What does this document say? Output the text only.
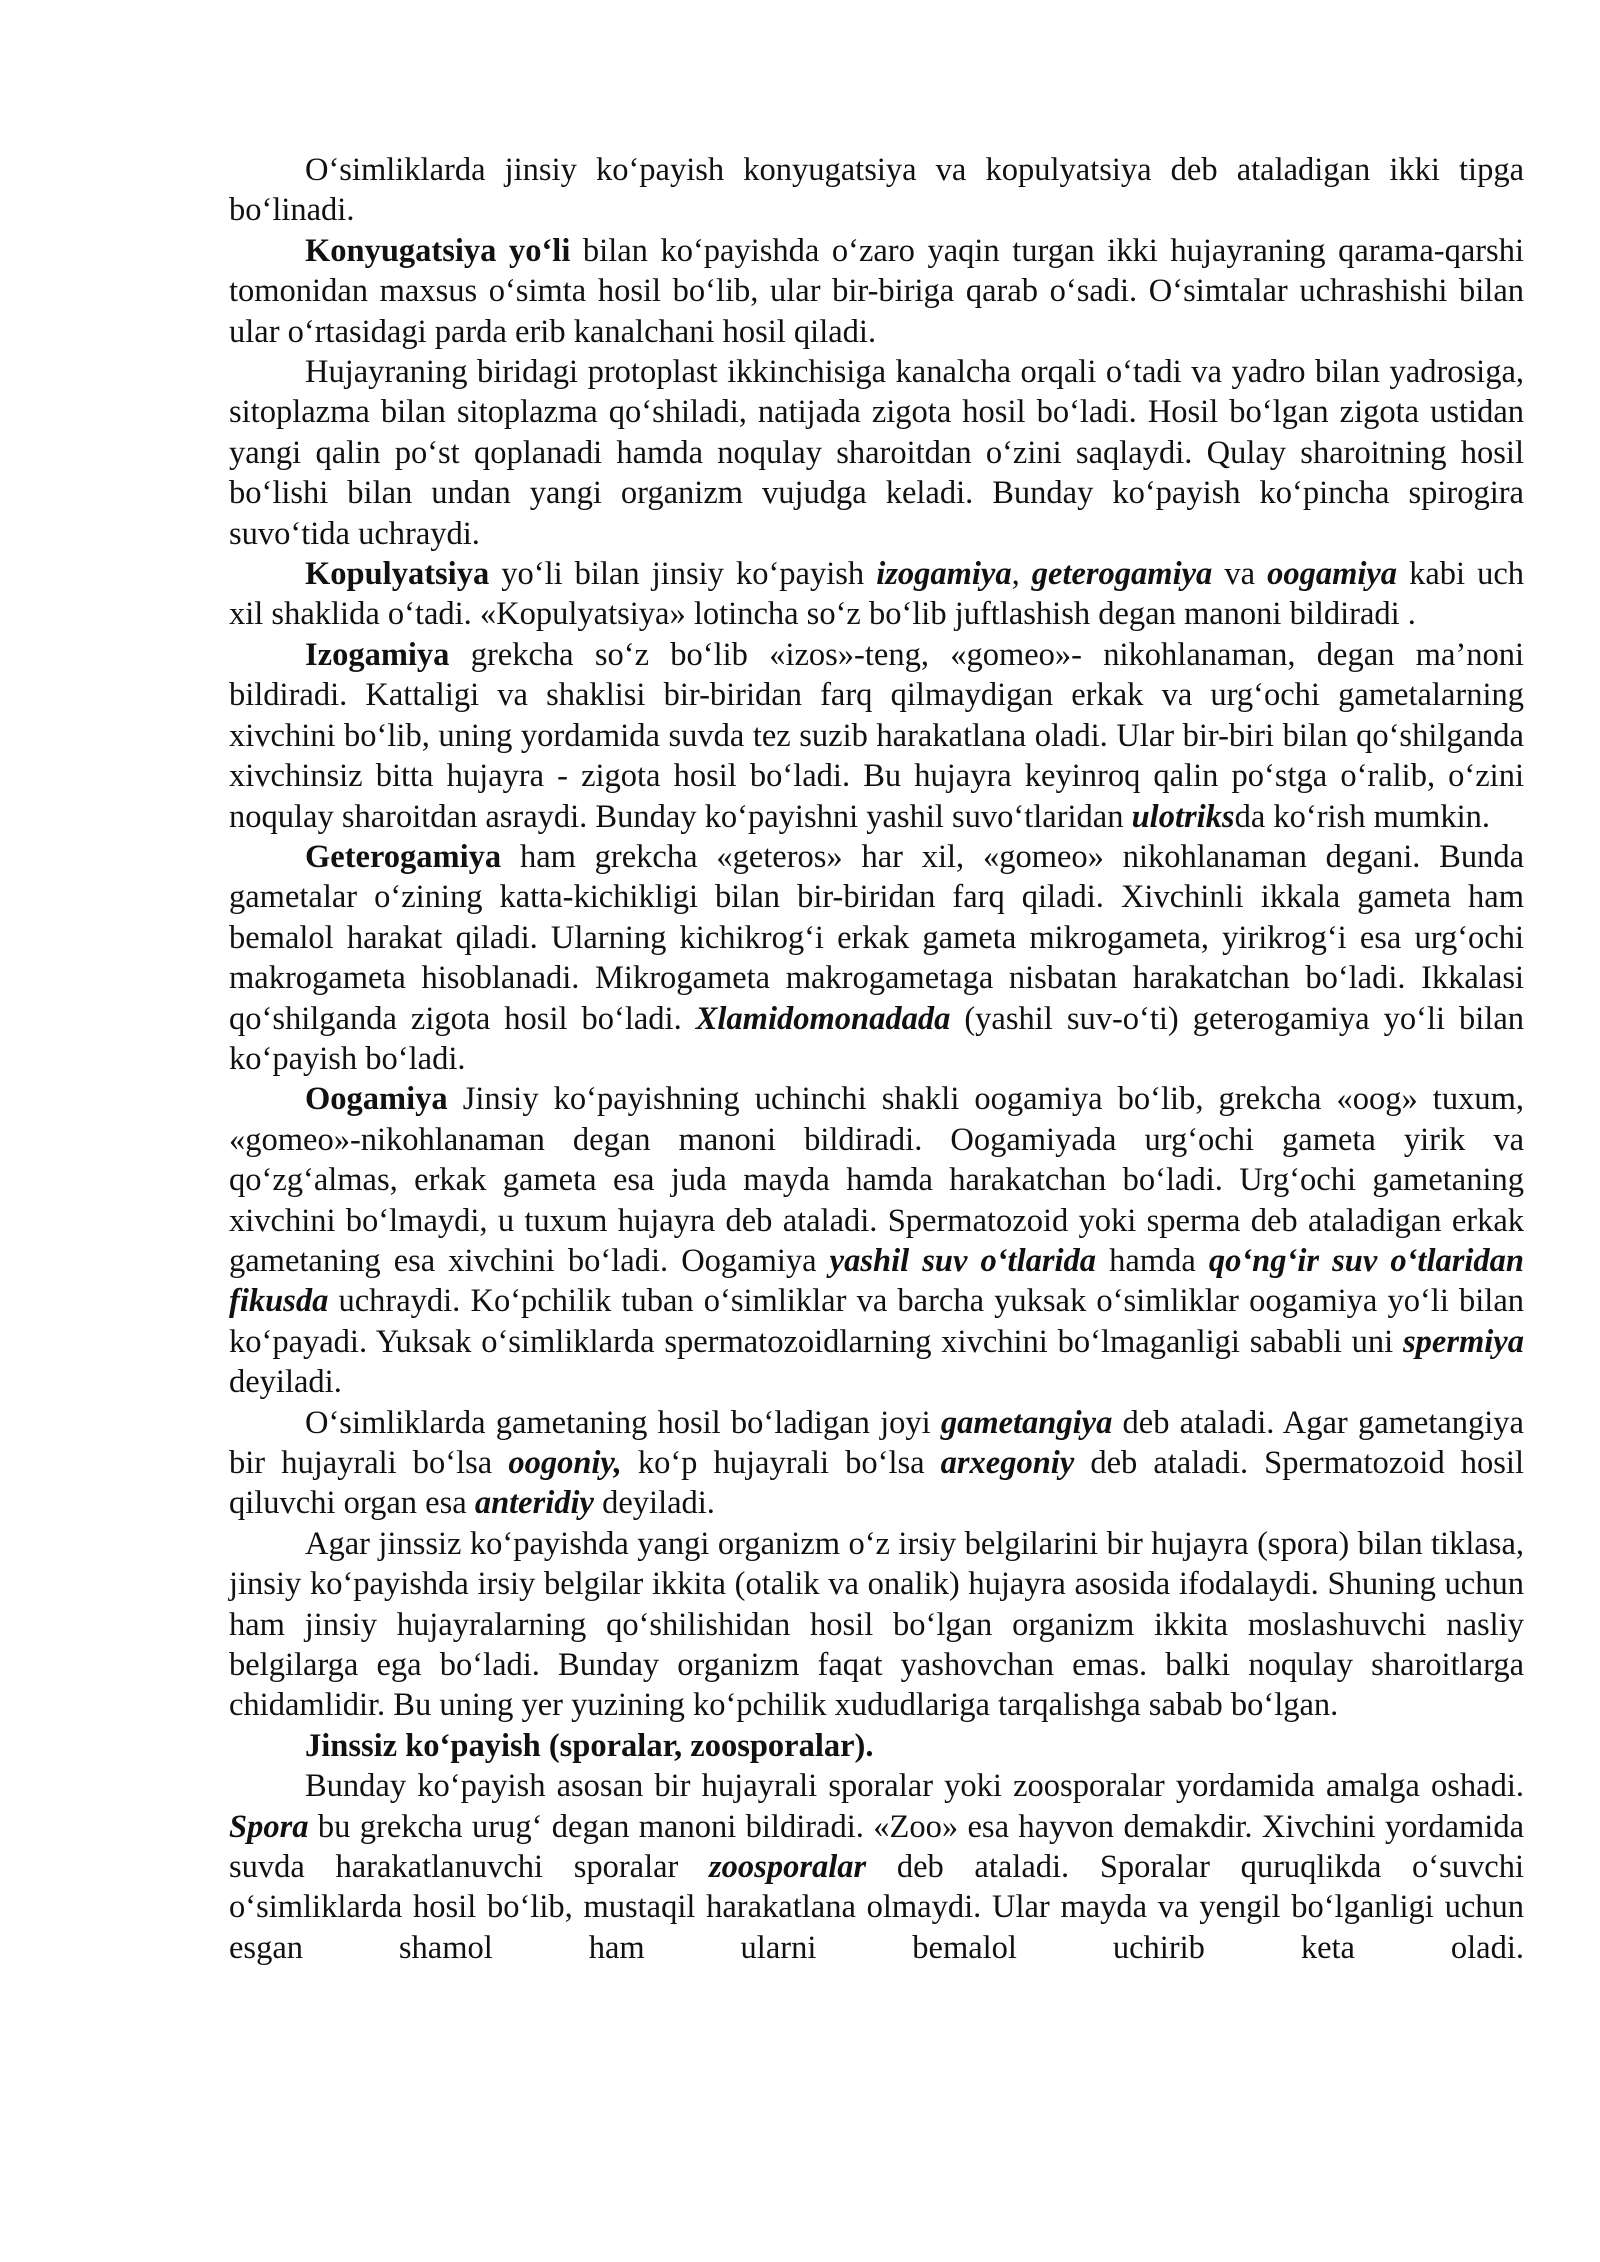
O‘simliklarda jinsiy ko‘payish konyugatsiya va kopulyatsiya deb ataladigan ikki tipga bo‘linadi.

Konyugatsiya yo‘li bilan ko‘payishda o‘zaro yaqin turgan ikki hujayraning qarama-qarshi tomonidan maxsus o‘simta hosil bo‘lib, ular bir-biriga qarab o‘sadi. O‘simtalar uchrashishi bilan ular o‘rtasidagi parda erib kanalchani hosil qiladi.

Hujayraning biridagi protoplast ikkinchisiga kanalcha orqali o‘tadi va yadro bilan yadrosiga, sitoplazma bilan sitoplazma qo‘shiladi, natijada zigota hosil bo‘ladi. Hosil bo‘lgan zigota ustidan yangi qalin po‘st qoplanadi hamda noqulay sharoitdan o‘zini saqlaydi. Qulay sharoitning hosil bo‘lishi bilan undan yangi organizm vujudga keladi. Bunday ko‘payish ko‘pincha spirogira suvo‘tida uchraydi.

Kopulyatsiya yo‘li bilan jinsiy ko‘payish izogamiya, geterogamiya va oogamiya kabi uch xil shaklida o‘tadi. «Kopulyatsiya» lotincha so‘z bo‘lib juftlashish degan manoni bildiradi .

Izogamiya grekcha so‘z bo‘lib «izos»-teng, «gomeo»- nikohlanaman, degan ma’noni bildiradi. Kattaligi va shaklisi bir-biridan farq qilmaydigan erkak va urg‘ochi gametalarning xivchini bo‘lib, uning yordamida suvda tez suzib harakatlana oladi. Ular bir-biri bilan qo‘shilganda xivchinsiz bitta hujayra - zigota hosil bo‘ladi. Bu hujayra keyinroq qalin po‘stga o‘ralib, o‘zini noqulay sharoitdan asraydi. Bunday ko‘payishni yashil suvo‘tlaridan ulotriksda ko‘rish mumkin.

Geterogamiya ham grekcha «geteros» har xil, «gomeo» nikohlanaman degani. Bunda gametalar o‘zining katta-kichikligi bilan bir-biridan farq qiladi. Xivchinli ikkala gameta ham bemalol harakat qiladi. Ularning kichikrog‘i erkak gameta mikrogameta, yirikrog‘i esa urg‘ochi makrogameta hisoblanadi. Mikrogameta makrogametaga nisbatan harakatchan bo‘ladi. Ikkalasi qo‘shilganda zigota hosil bo‘ladi. Xlamidomonadada (yashil suv-o‘ti) geterogamiya yo‘li bilan ko‘payish bo‘ladi.

Oogamiya Jinsiy ko‘payishning uchinchi shakli oogamiya bo‘lib, grekcha «oog» tuxum, «gomeo»-nikohlanaman degan manoni bildiradi. Oogamiyada urg‘ochi gameta yirik va qo‘zg‘almas, erkak gameta esa juda mayda hamda harakatchan bo‘ladi. Urg‘ochi gametaning xivchini bo‘lmaydi, u tuxum hujayra deb ataladi. Spermatozoid yoki sperma deb ataladigan erkak gametaning esa xivchini bo‘ladi. Oogamiya yashil suv o‘tlarida hamda qo‘ng‘ir suv o‘tlaridan fikusda uchraydi. Ko‘pchilik tuban o‘simliklar va barcha yuksak o‘simliklar oogamiya yo‘li bilan ko‘payadi. Yuksak o‘simliklarda spermatozoidlarning xivchini bo‘lmaganligi sababli uni spermiya deyiladi.

O‘simliklarda gametaning hosil bo‘ladigan joyi gametangiya deb ataladi. Agar gametangiya bir hujayrali bo‘lsa oogoniy, ko‘p hujayrali bo‘lsa arxegoniy deb ataladi. Spermatozoid hosil qiluvchi organ esa anteridiy deyiladi.

Agar jinssiz ko‘payishda yangi organizm o‘z irsiy belgilarini bir hujayra (spora) bilan tiklasa, jinsiy ko‘payishda irsiy belgilar ikkita (otalik va onalik) hujayra asosida ifodalaydi. Shuning uchun ham jinsiy hujayralarning qo‘shilishidan hosil bo‘lgan organizm ikkita moslashuvchi nasliy belgilarga ega bo‘ladi. Bunday organizm faqat yashovchan emas. balki noqulay sharoitlarga chidamlidir. Bu uning yer yuzining ko‘pchilik xududlariga tarqalishga sabab bo‘lgan.

Jinssiz ko‘payish (sporalar, zoosporalar).

Bunday ko‘payish asosan bir hujayrali sporalar yoki zoosporalar yordamida amalga oshadi. Spora bu grekcha urug‘ degan manoni bildiradi. «Zoo» esa hayvon demakdir. Xivchini yordamida suvda harakatlanuvchi sporalar zoosporalar deb ataladi. Sporalar quruqlikda o‘suvchi o‘simliklarda hosil bo‘lib, mustaqil harakatlana olmaydi. Ular mayda va yengil bo‘lganligi uchun esgan shamol ham ularni bemalol uchirib keta oladi.
